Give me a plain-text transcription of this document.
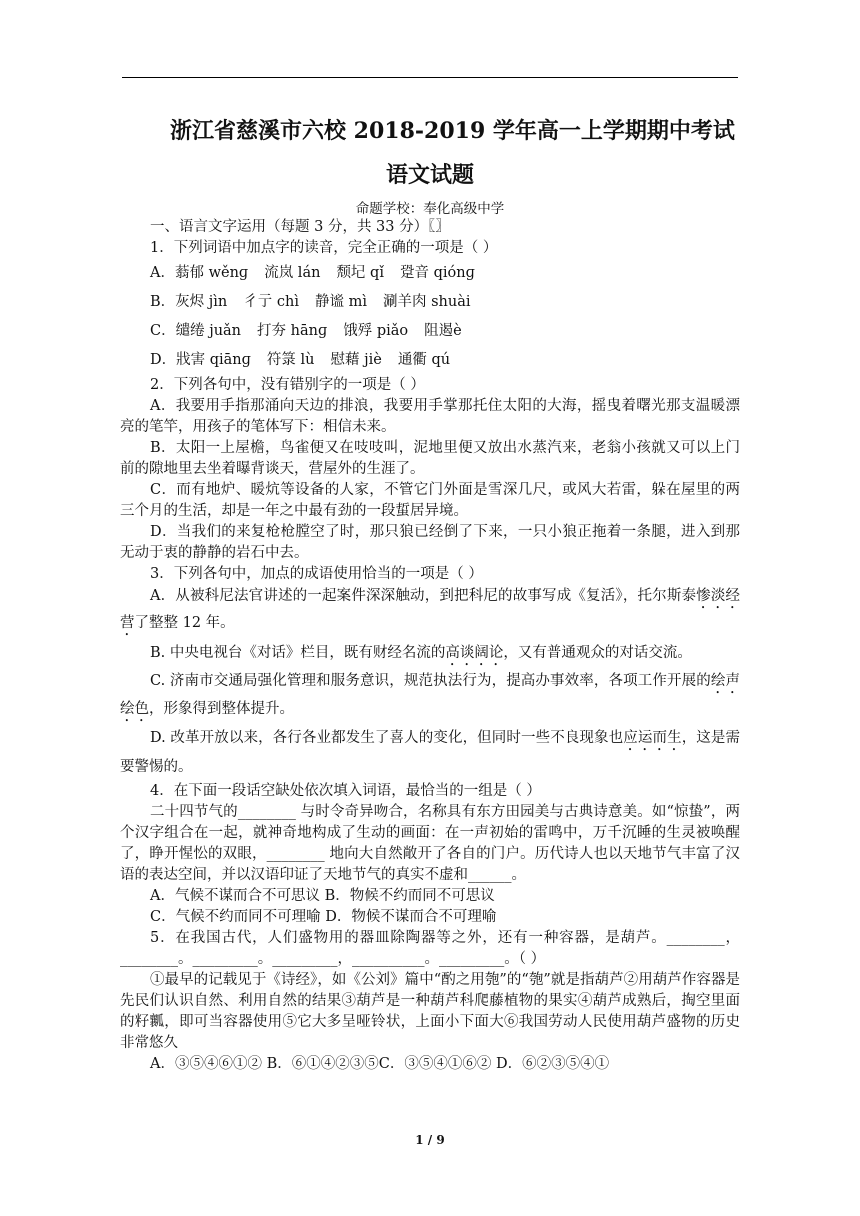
浙江省慈溪市六校 2018-2019 学年高一上学期期中考试
语文试题
命题学校：奉化高级中学
一、语言文字运用（每题 3 分，共 33 分）〖〗
1．下列词语中加点字的读音，完全正确的一项是（ ）
A．蓊郁 wěnɡ 流岚 lán 颓圮 qǐ 跫音 qiónɡ
B．灰烬 jìn 彳亍 chì 静谧 mì 涮羊肉 shuài
C．缱绻 juǎn 打夯 hānɡ 饿殍 piǎo 阻遏è
D．戕害 qiānɡ 符箓 lù 慰藉 jiè 通衢 qú
2．下列各句中，没有错别字的一项是（ ）
A．我要用手指那涌向天边的排浪，我要用手掌那托住太阳的大海，摇曳着曙光那支温暖漂亮的笔竿，用孩子的笔体写下：相信未来。
B．太阳一上屋檐，鸟雀便又在吱吱叫，泥地里便又放出水蒸汽来，老翁小孩就又可以上门前的隙地里去坐着曝背谈天，营屋外的生涯了。
C．而有地炉、暖炕等设备的人家，不管它门外面是雪深几尺，或风大若雷，躲在屋里的两三个月的生活，却是一年之中最有劲的一段蜇居异境。
D．当我们的来复枪枪膛空了时，那只狼已经倒了下来，一只小狼正拖着一条腿，进入到那无动于衷的静静的岩石中去。
3．下列各句中，加点的成语使用恰当的一项是（ ）
A．从被科尼法官讲述的一起案件深深触动，到把科尼的故事写成《复活》，托尔斯泰惨淡经营了整整 12 年。
B. 中央电视台《对话》栏目，既有财经名流的高谈阔论，又有普通观众的对话交流。
C. 济南市交通局强化管理和服务意识，规范执法行为，提高办事效率，各项工作开展的绘声绘色，形象得到整体提升。
D. 改革开放以来，各行各业都发生了喜人的变化，但同时一些不良现象也应运而生，这是需要警惕的。
4．在下面一段话空缺处依次填入词语，最恰当的一组是（ ）
二十四节气的________ 与时令奇异吻合，名称具有东方田园美与古典诗意美。如“惊蛰”，两个汉字组合在一起，就神奇地构成了生动的画面：在一声初始的雷鸣中，万千沉睡的生灵被唤醒了，睁开惺忪的双眼，________ 地向大自然敞开了各自的门户。历代诗人也以天地节气丰富了汉语的表达空间，并以汉语印证了天地节气的真实不虚和______。
A．气候不谋而合不可思议 B．物候不约而同不可思议
C．气候不约而同不可理喻 D．物候不谋而合不可理喻
5．在我国古代，人们盛物用的器皿除陶器等之外，还有一种容器，是葫芦。________，________。_________。_________，__________。_________。（ ）
①最早的记载见于《诗经》，如《公刘》篇中“酌之用匏”的“匏”就是指葫芦②用葫芦作容器是先民们认识自然、利用自然的结果③葫芦是一种葫芦科爬藤植物的果实④葫芦成熟后，掏空里面的籽瓤，即可当容器使用⑤它大多呈哑铃状，上面小下面大⑥我国劳动人民使用葫芦盛物的历史非常悠久
A．③⑤④⑥①② B．⑥①④②③⑤C．③⑤④①⑥② D．⑥②③⑤④①
1 / 9
